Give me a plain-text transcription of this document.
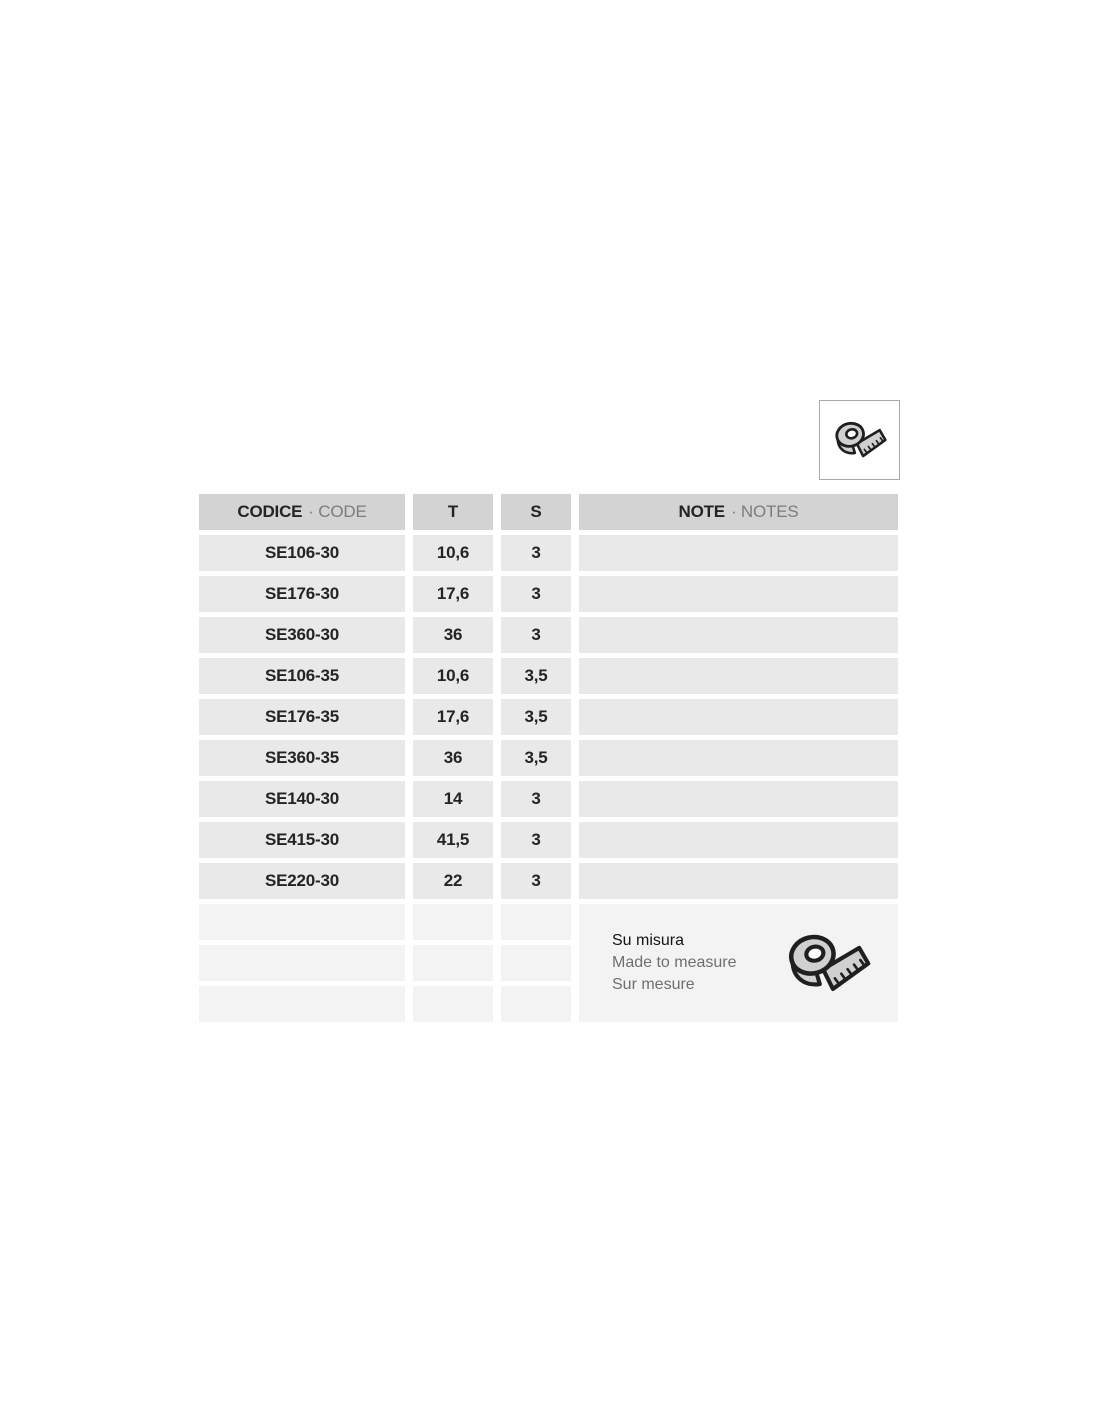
CODICE · CODE	T	S	NOTE · NOTES
SE106-30	10,6	3
SE176-30	17,6	3
SE360-30	36	3
SE106-35	10,6	3,5
SE176-35	17,6	3,5
SE360-35	36	3,5
SE140-30	14	3
SE415-30	41,5	3
SE220-30	22	3
Su misura
Made to measure
Sur mesure
